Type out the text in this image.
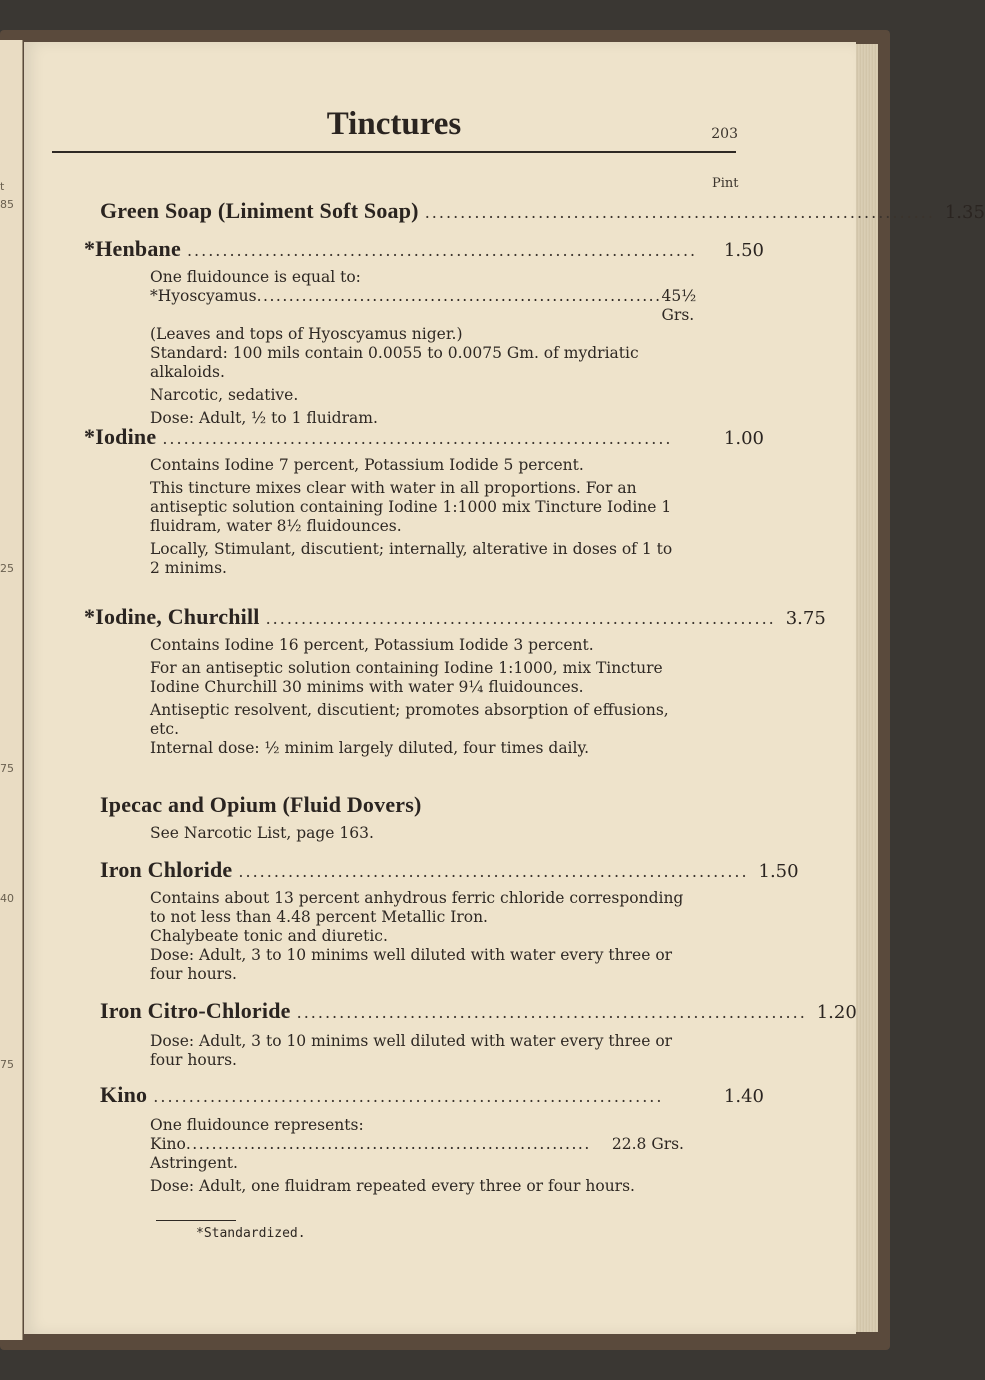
t
85
25
75
40
75
Tinctures	203
Pint
Green Soap (Liniment Soft Soap) ........................................................................ 1.35
*Henbane ........................................................................	1.50

One fluidounce is equal to:

*Hyoscyamus ............................................................... 45½ Grs.

(Leaves and tops of Hyoscyamus niger.)

Standard: 100 mils contain 0.0055 to 0.0075 Gm. of mydriatic alkaloids.

Narcotic, sedative.

Dose: Adult, ½ to 1 fluidram.

*Iodine ........................................................................	1.00

Contains Iodine 7 percent, Potassium Iodide 5 percent.

This tincture mixes clear with water in all proportions. For an antiseptic solution containing Iodine 1:1000 mix Tincture Iodine 1 fluidram, water 8½ fluidounces.

Locally, Stimulant, discutient; internally, alterative in doses of 1 to 2 minims.

*Iodine, Churchill ........................................................................ 3.75

Contains Iodine 16 percent, Potassium Iodide 3 percent.

For an antiseptic solution containing Iodine 1:1000, mix Tincture Iodine Churchill 30 minims with water 9¼ fluidounces.

Antiseptic resolvent, discutient; promotes absorption of effusions, etc.

Internal dose: ½ minim largely diluted, four times daily.

Ipecac and Opium (Fluid Dovers)

See Narcotic List, page 163.

Iron Chloride ........................................................................ 1.50

Contains about 13 percent anhydrous ferric chloride corresponding to not less than 4.48 percent Metallic Iron.

Chalybeate tonic and diuretic.

Dose: Adult, 3 to 10 minims well diluted with water every three or four hours.

Iron Citro-Chloride ........................................................................ 1.20

Dose: Adult, 3 to 10 minims well diluted with water every three or four hours.

Kino ........................................................................	1.40

One fluidounce represents:

Kino ...............................................................	22.8 Grs.

Astringent.

Dose: Adult, one fluidram repeated every three or four hours.

*Standardized.
